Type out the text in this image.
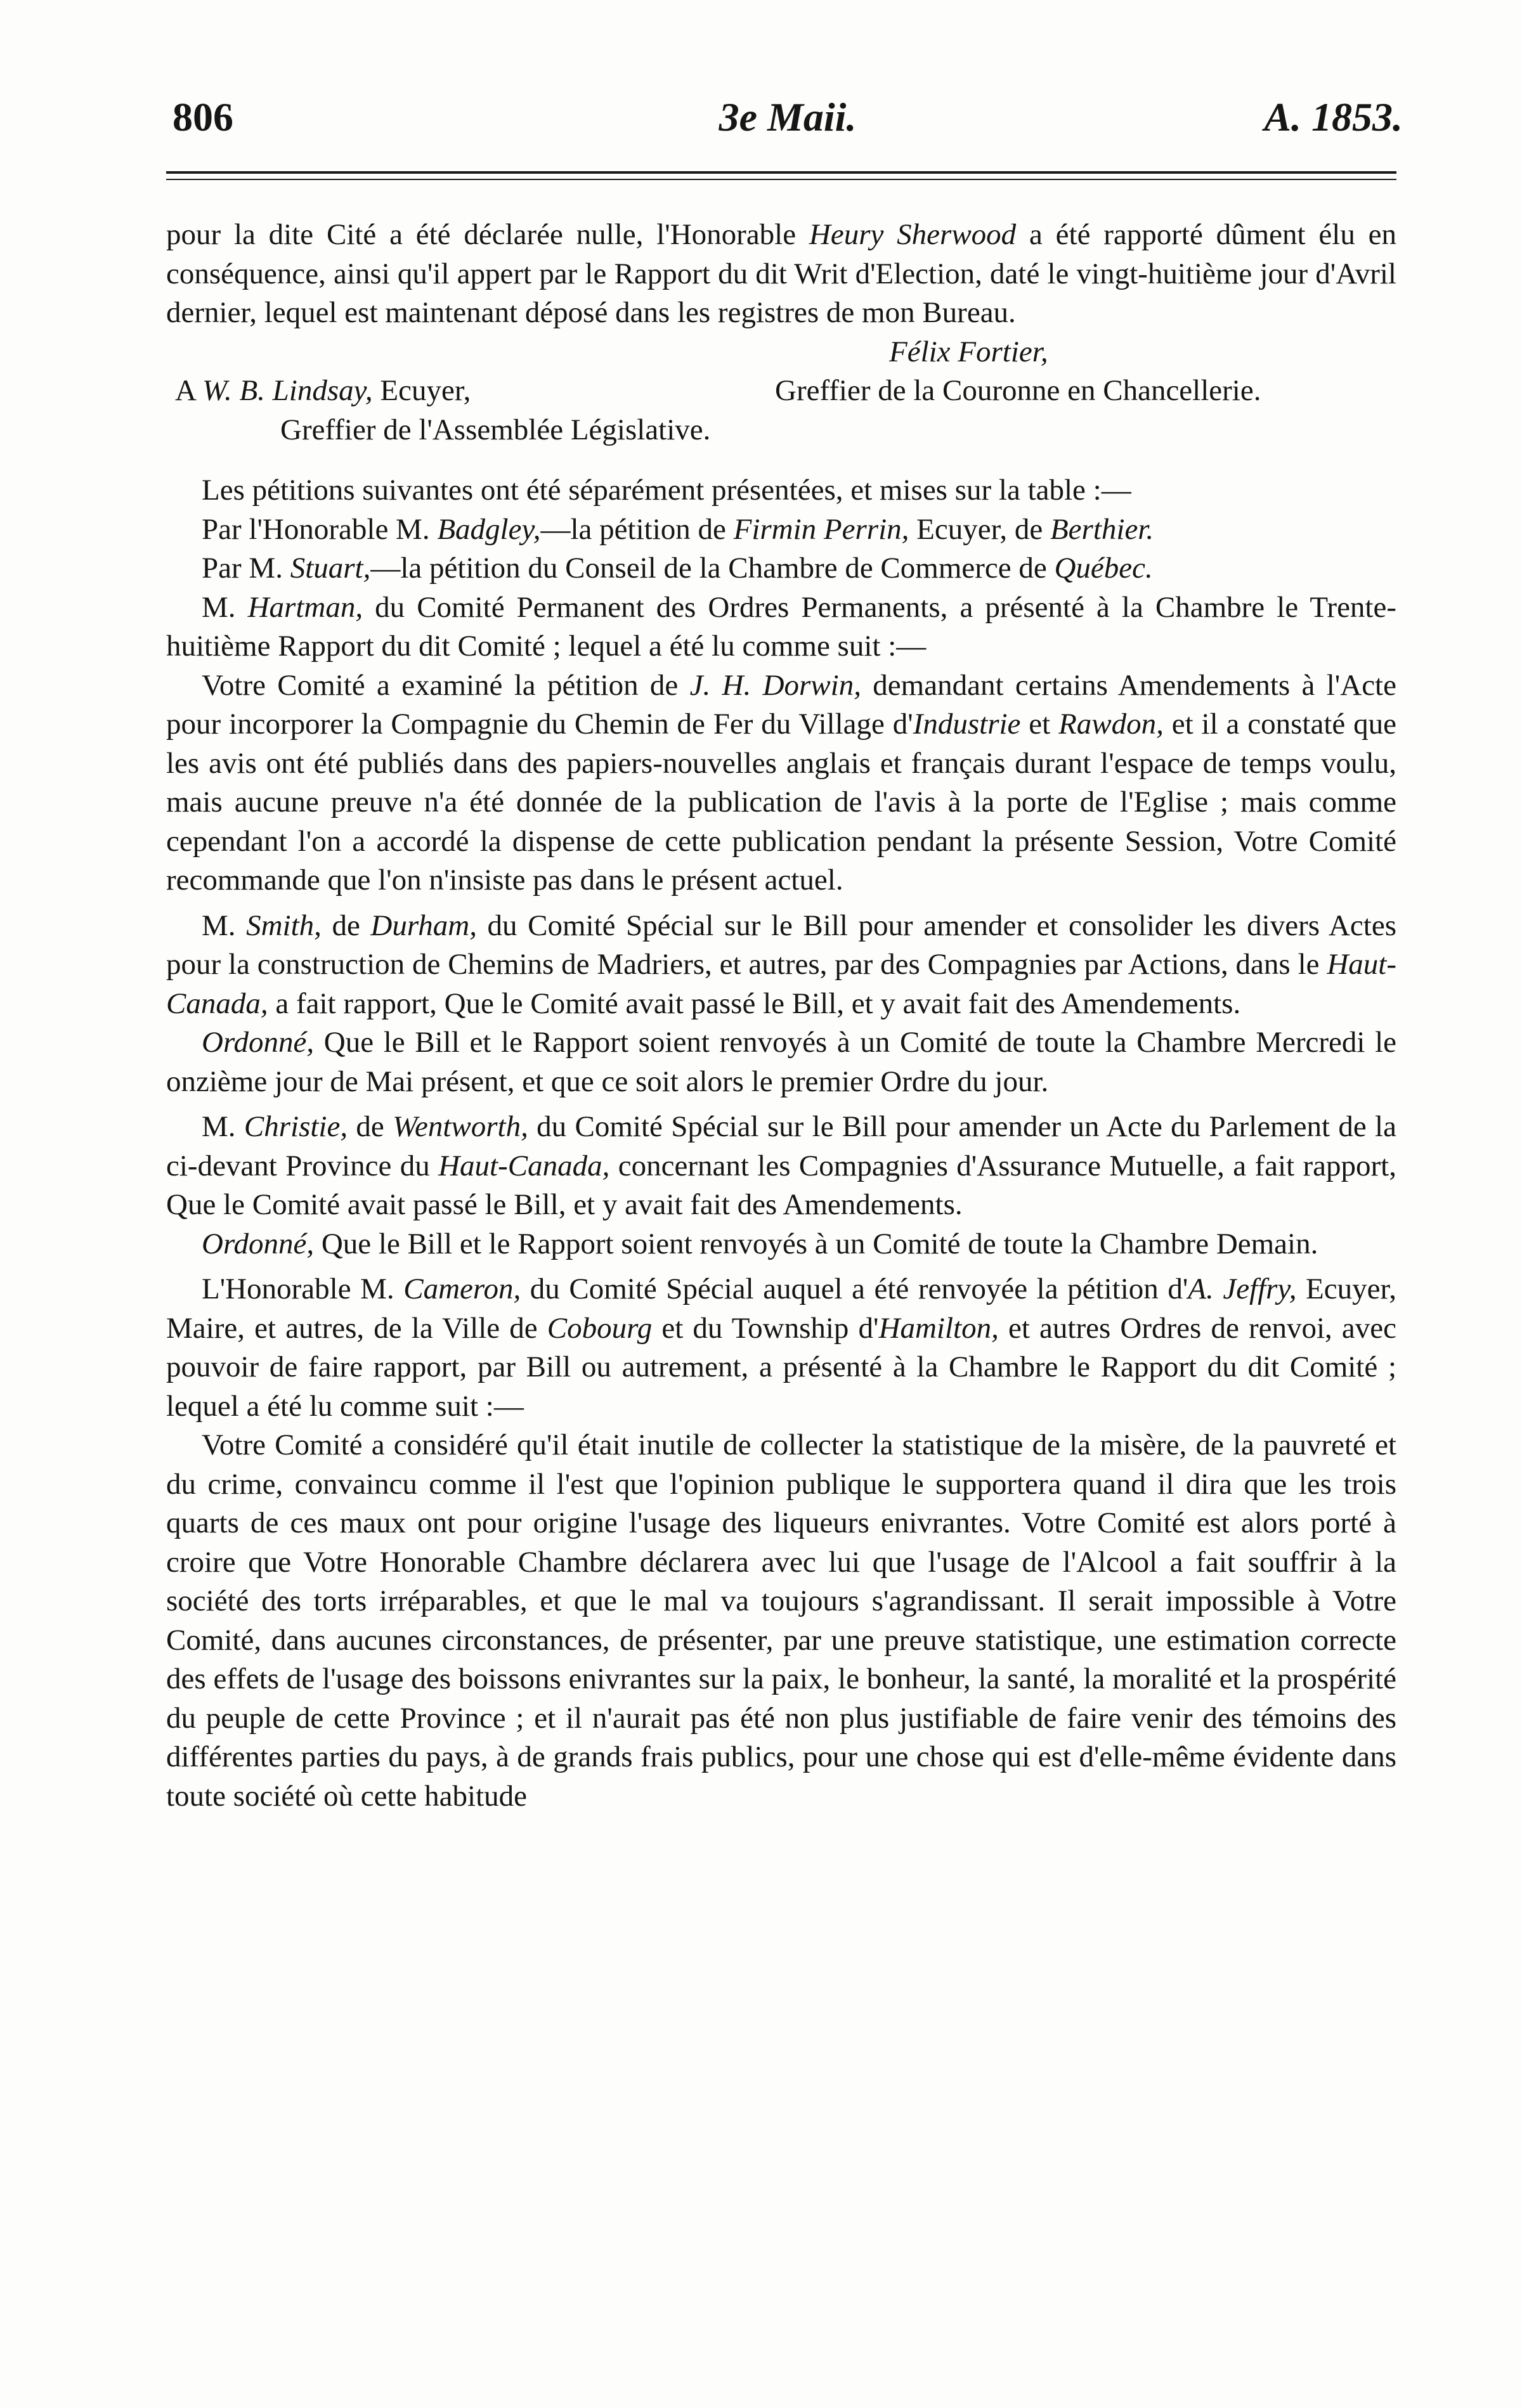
806	3e Maii.	A. 1853.

pour la dite Cité a été déclarée nulle, l'Honorable Heury Sherwood a été rapporté dûment élu en conséquence, ainsi qu'il appert par le Rapport du dit Writ d'Election, daté le vingt-huitième jour d'Avril dernier, lequel est maintenant déposé dans les registres de mon Bureau.

Félix Fortier,
A W. B. Lindsay, Ecuyer,	Greffier de la Couronne en Chancellerie.
Greffier de l'Assemblée Législative.

Les pétitions suivantes ont été séparément présentées, et mises sur la table :—

Par l'Honorable M. Badgley,—la pétition de Firmin Perrin, Ecuyer, de Berthier.

Par M. Stuart,—la pétition du Conseil de la Chambre de Commerce de Québec.

M. Hartman, du Comité Permanent des Ordres Permanents, a présenté à la Chambre le Trente-huitième Rapport du dit Comité ; lequel a été lu comme suit :—

Votre Comité a examiné la pétition de J. H. Dorwin, demandant certains Amendements à l'Acte pour incorporer la Compagnie du Chemin de Fer du Village d'Industrie et Rawdon, et il a constaté que les avis ont été publiés dans des papiers-nouvelles anglais et français durant l'espace de temps voulu, mais aucune preuve n'a été donnée de la publication de l'avis à la porte de l'Eglise ; mais comme cependant l'on a accordé la dispense de cette publication pendant la présente Session, Votre Comité recommande que l'on n'insiste pas dans le présent actuel.

M. Smith, de Durham, du Comité Spécial sur le Bill pour amender et consolider les divers Actes pour la construction de Chemins de Madriers, et autres, par des Compagnies par Actions, dans le Haut-Canada, a fait rapport, Que le Comité avait passé le Bill, et y avait fait des Amendements.

Ordonné, Que le Bill et le Rapport soient renvoyés à un Comité de toute la Chambre Mercredi le onzième jour de Mai présent, et que ce soit alors le premier Ordre du jour.

M. Christie, de Wentworth, du Comité Spécial sur le Bill pour amender un Acte du Parlement de la ci-devant Province du Haut-Canada, concernant les Compagnies d'Assurance Mutuelle, a fait rapport, Que le Comité avait passé le Bill, et y avait fait des Amendements.

Ordonné, Que le Bill et le Rapport soient renvoyés à un Comité de toute la Chambre Demain.

L'Honorable M. Cameron, du Comité Spécial auquel a été renvoyée la pétition d'A. Jeffry, Ecuyer, Maire, et autres, de la Ville de Cobourg et du Township d'Hamilton, et autres Ordres de renvoi, avec pouvoir de faire rapport, par Bill ou autrement, a présenté à la Chambre le Rapport du dit Comité ; lequel a été lu comme suit :—

Votre Comité a considéré qu'il était inutile de collecter la statistique de la misère, de la pauvreté et du crime, convaincu comme il l'est que l'opinion publique le supportera quand il dira que les trois quarts de ces maux ont pour origine l'usage des liqueurs enivrantes. Votre Comité est alors porté à croire que Votre Honorable Chambre déclarera avec lui que l'usage de l'Alcool a fait souffrir à la société des torts irréparables, et que le mal va toujours s'agrandissant. Il serait impossible à Votre Comité, dans aucunes circonstances, de présenter, par une preuve statistique, une estimation correcte des effets de l'usage des boissons enivrantes sur la paix, le bonheur, la santé, la moralité et la prospérité du peuple de cette Province ; et il n'aurait pas été non plus justifiable de faire venir des témoins des différentes parties du pays, à de grands frais publics, pour une chose qui est d'elle-même évidente dans toute société où cette habitude
